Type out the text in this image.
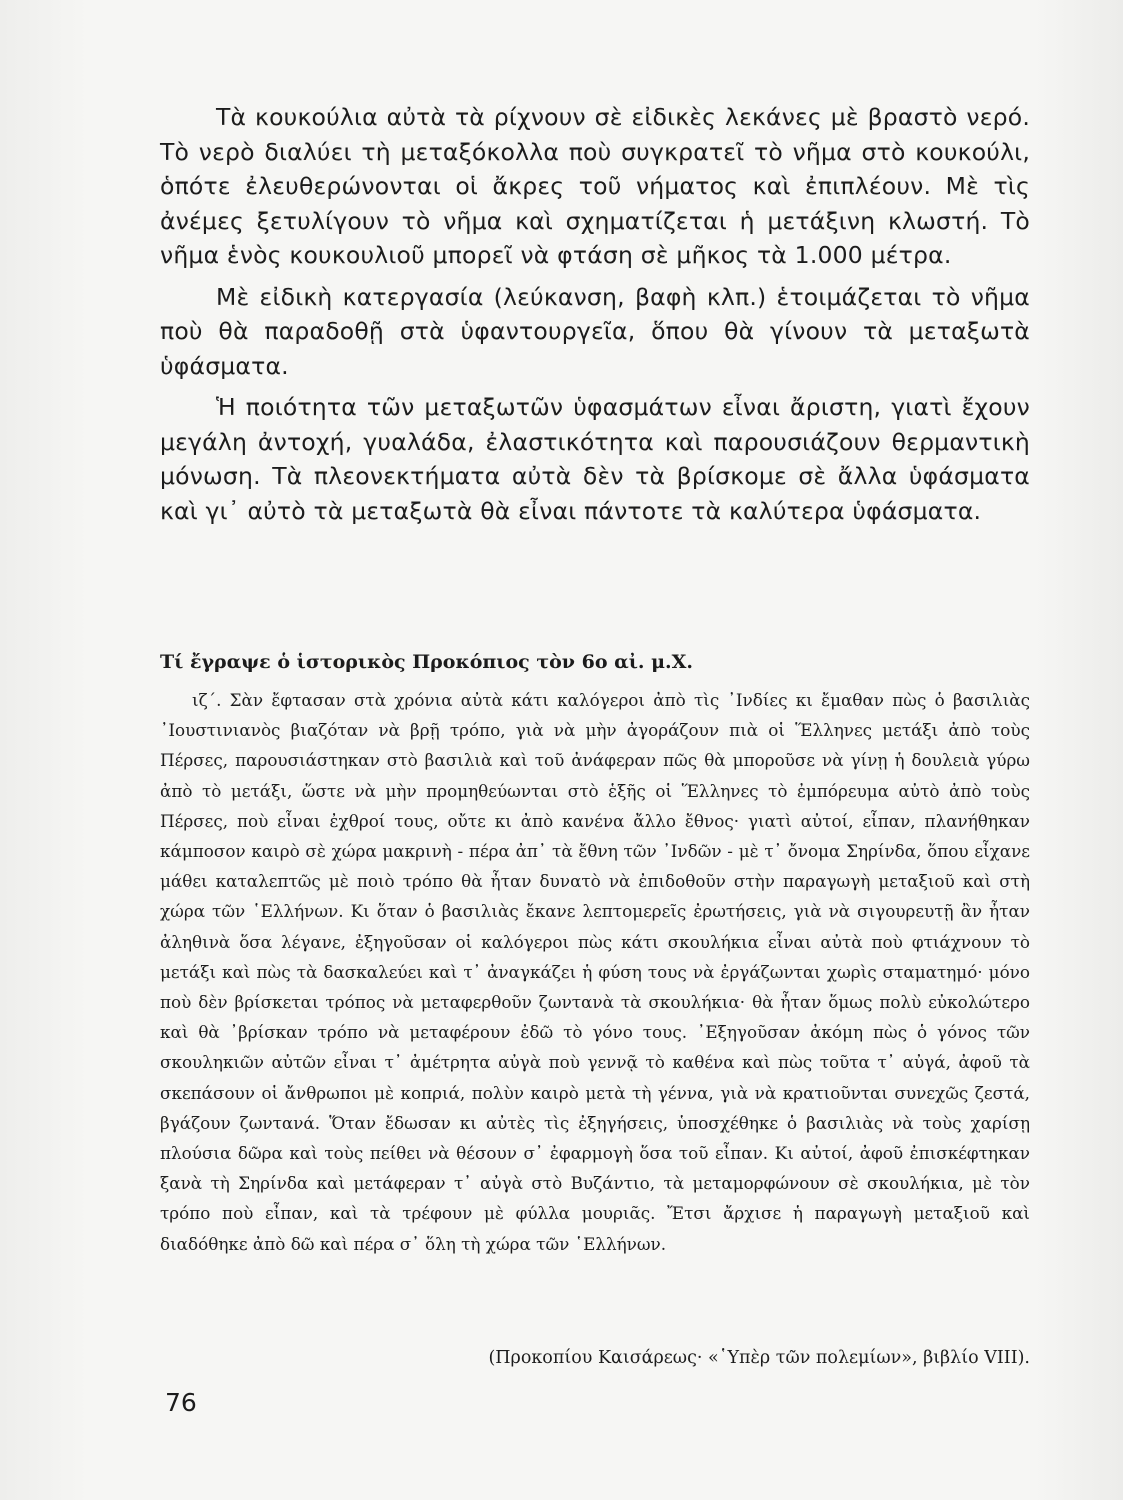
Τὰ κουκούλια αὐτὰ τὰ ρίχνουν σὲ εἰδικὲς λεκάνες μὲ βραστὸ νερό. Τὸ νερὸ διαλύει τὴ μεταξόκολλα ποὺ συγκρατεῖ τὸ νῆμα στὸ κουκούλι, ὁπότε ἐλευθερώνονται οἱ ἄκρες τοῦ νήματος καὶ ἐπιπλέουν. Μὲ τὶς ἀνέμες ξετυλίγουν τὸ νῆμα καὶ σχηματίζεται ἡ μετάξινη κλωστή. Τὸ νῆμα ἑνὸς κουκουλιοῦ μπορεῖ νὰ φτάση σὲ μῆκος τὰ 1.000 μέτρα.

Μὲ εἰδικὴ κατεργασία (λεύκανση, βαφὴ κλπ.) ἑτοιμάζεται τὸ νῆμα ποὺ θὰ παραδοθῇ στὰ ὑφαντουργεῖα, ὅπου θὰ γίνουν τὰ μεταξωτὰ ὑφάσματα.

Ἡ ποιότητα τῶν μεταξωτῶν ὑφασμάτων εἶναι ἄριστη, γιατὶ ἔχουν μεγάλη ἀντοχή, γυαλάδα, ἐλαστικότητα καὶ παρουσιάζουν θερμαντικὴ μόνωση. Τὰ πλεονεκτήματα αὐτὰ δὲν τὰ βρίσκομε σὲ ἄλλα ὑφάσματα καὶ γι᾿ αὐτὸ τὰ μεταξωτὰ θὰ εἶναι πάντοτε τὰ καλύτερα ὑφάσματα.

Τί ἔγραψε ὁ ἱστορικὸς Προκόπιος τὸν 6ο αἰ. μ.Χ.

ιζ΄. Σὰν ἔφτασαν στὰ χρόνια αὐτὰ κάτι καλόγεροι ἀπὸ τὶς ᾿Ινδίες κι ἔμαθαν πὼς ὁ βασιλιὰς ᾿Ιουστινιανὸς βιαζόταν νὰ βρῇ τρόπο, γιὰ νὰ μὴν ἀγοράζουν πιὰ οἱ Ἕλληνες μετάξι ἀπὸ τοὺς Πέρσες, παρουσιάστηκαν στὸ βασιλιὰ καὶ τοῦ ἀνάφεραν πῶς θὰ μποροῦσε νὰ γίνῃ ἡ δουλειὰ γύρω ἀπὸ τὸ μετάξι, ὥστε νὰ μὴν προμηθεύωνται στὸ ἑξῆς οἱ Ἕλληνες τὸ ἐμπόρευμα αὐτὸ ἀπὸ τοὺς Πέρσες, ποὺ εἶναι ἐχθροί τους, οὔτε κι ἀπὸ κανένα ἄλλο ἔθνος· γιατὶ αὐτοί, εἶπαν, πλανήθηκαν κάμποσον καιρὸ σὲ χώρα μακρινὴ - πέρα ἀπ᾿ τὰ ἔθνη τῶν ᾿Ινδῶν - μὲ τ᾿ ὄνομα Σηρίνδα, ὅπου εἶχανε μάθει καταλεπτῶς μὲ ποιὸ τρόπο θὰ ἦταν δυνατὸ νὰ ἐπιδοθοῦν στὴν παραγωγὴ μεταξιοῦ καὶ στὴ χώρα τῶν ῾Ελλήνων. Κι ὅταν ὁ βασιλιὰς ἔκανε λεπτομερεῖς ἐρωτήσεις, γιὰ νὰ σιγουρευτῇ ἂν ἦταν ἀληθινὰ ὅσα λέγανε, ἐξηγοῦσαν οἱ καλόγεροι πὼς κάτι σκουλήκια εἶναι αὐτὰ ποὺ φτιάχνουν τὸ μετάξι καὶ πὼς τὰ δασκαλεύει καὶ τ᾿ ἀναγκάζει ἡ φύση τους νὰ ἐργάζωνται χωρὶς σταματημό· μόνο ποὺ δὲν βρίσκεται τρόπος νὰ μεταφερθοῦν ζωντανὰ τὰ σκουλήκια· θὰ ἦταν ὅμως πολὺ εὐκολώτερο καὶ θὰ ᾿βρίσκαν τρόπο νὰ μεταφέρουν ἐδῶ τὸ γόνο τους. ᾿Εξηγοῦσαν ἀκόμη πὼς ὁ γόνος τῶν σκουληκιῶν αὐτῶν εἶναι τ᾿ ἀμέτρητα αὐγὰ ποὺ γεννᾷ τὸ καθένα καὶ πὼς τοῦτα τ᾿ αὐγά, ἀφοῦ τὰ σκεπάσουν οἱ ἄνθρωποι μὲ κοπριά, πολὺν καιρὸ μετὰ τὴ γέννα, γιὰ νὰ κρατιοῦνται συνεχῶς ζεστά, βγάζουν ζωντανά. Ὅταν ἔδωσαν κι αὐτὲς τὶς ἐξηγήσεις, ὑποσχέθηκε ὁ βασιλιὰς νὰ τοὺς χαρίσῃ πλούσια δῶρα καὶ τοὺς πείθει νὰ θέσουν σ᾿ ἐφαρμογὴ ὅσα τοῦ εἶπαν. Κι αὐτοί, ἀφοῦ ἐπισκέφτηκαν ξανὰ τὴ Σηρίνδα καὶ μετάφεραν τ᾿ αὐγὰ στὸ Βυζάντιο, τὰ μεταμορφώνουν σὲ σκουλήκια, μὲ τὸν τρόπο ποὺ εἶπαν, καὶ τὰ τρέφουν μὲ φύλλα μουριᾶς. Ἔτσι ἄρχισε ἡ παραγωγὴ μεταξιοῦ καὶ διαδόθηκε ἀπὸ δῶ καὶ πέρα σ᾿ ὅλη τὴ χώρα τῶν ῾Ελλήνων.

(Προκοπίου Καισάρεως· «῾Υπὲρ τῶν πολεμίων», βιβλίο VIII).
76
